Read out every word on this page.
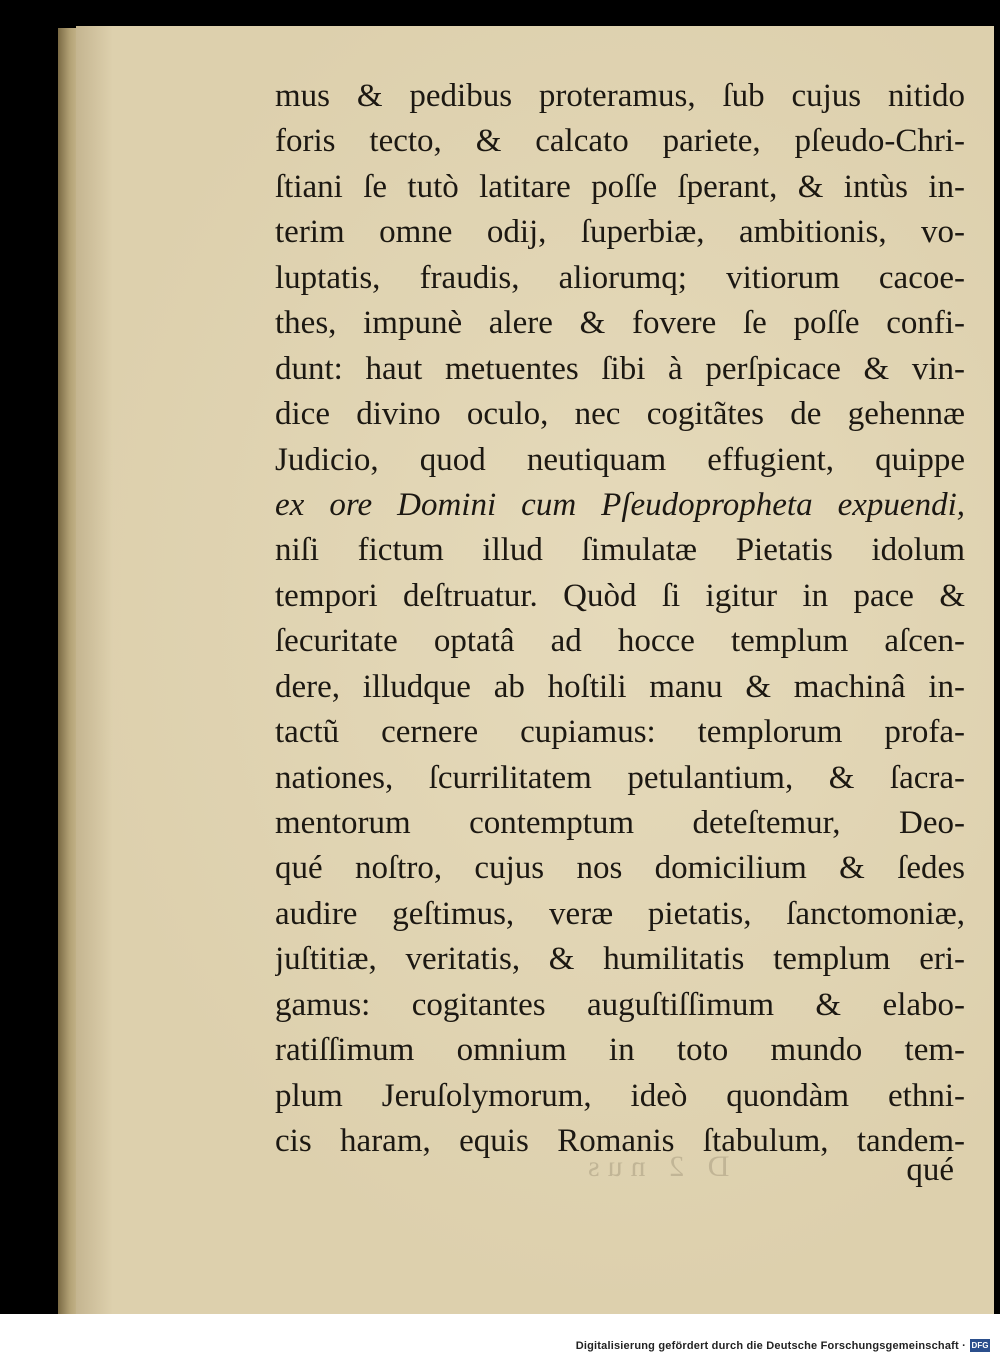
mus & pedibus proteramus, ſub cujus nitido
foris tecto, & calcato pariete, pſeudo-Chri-
ſtiani ſe tutò latitare poſſe ſperant, & intùs in-
terim omne odij, ſuperbiæ, ambitionis, vo-
luptatis, fraudis, aliorumq; vitiorum cacoe-
thes, impunè alere & fovere ſe poſſe confi-
dunt: haut metuentes ſibi à perſpicace & vin-
dice divino oculo, nec cogitãtes de gehennæ
Judicio, quod neutiquam effugient, quippe
ex ore Domini cum Pſeudopropheta expuendi,
niſi fictum illud ſimulatæ Pietatis idolum
tempori deſtruatur. Quòd ſi igitur in pace &
ſecuritate optatâ ad hocce templum aſcen-
dere, illudque ab hoſtili manu & machinâ in-
tactũ cernere cupiamus: templorum profa-
nationes, ſcurrilitatem petulantium, & ſacra-
mentorum contemptum deteſtemur, Deo-
qué noſtro, cujus nos domicilium & ſedes
audire geſtimus, veræ pietatis, ſanctomoniæ,
juſtitiæ, veritatis, & humilitatis templum eri-
gamus: cogitantes auguſtiſſimum & elabo-
ratiſſimum omnium in toto mundo tem-
plum Jeruſolymorum, ideò quondàm ethni-
cis haram, equis Romanis ſtabulum, tandem-
D 2 nus	qué
Digitalisierung gefördert durch die Deutsche Forschungsgemeinschaft · DFG
